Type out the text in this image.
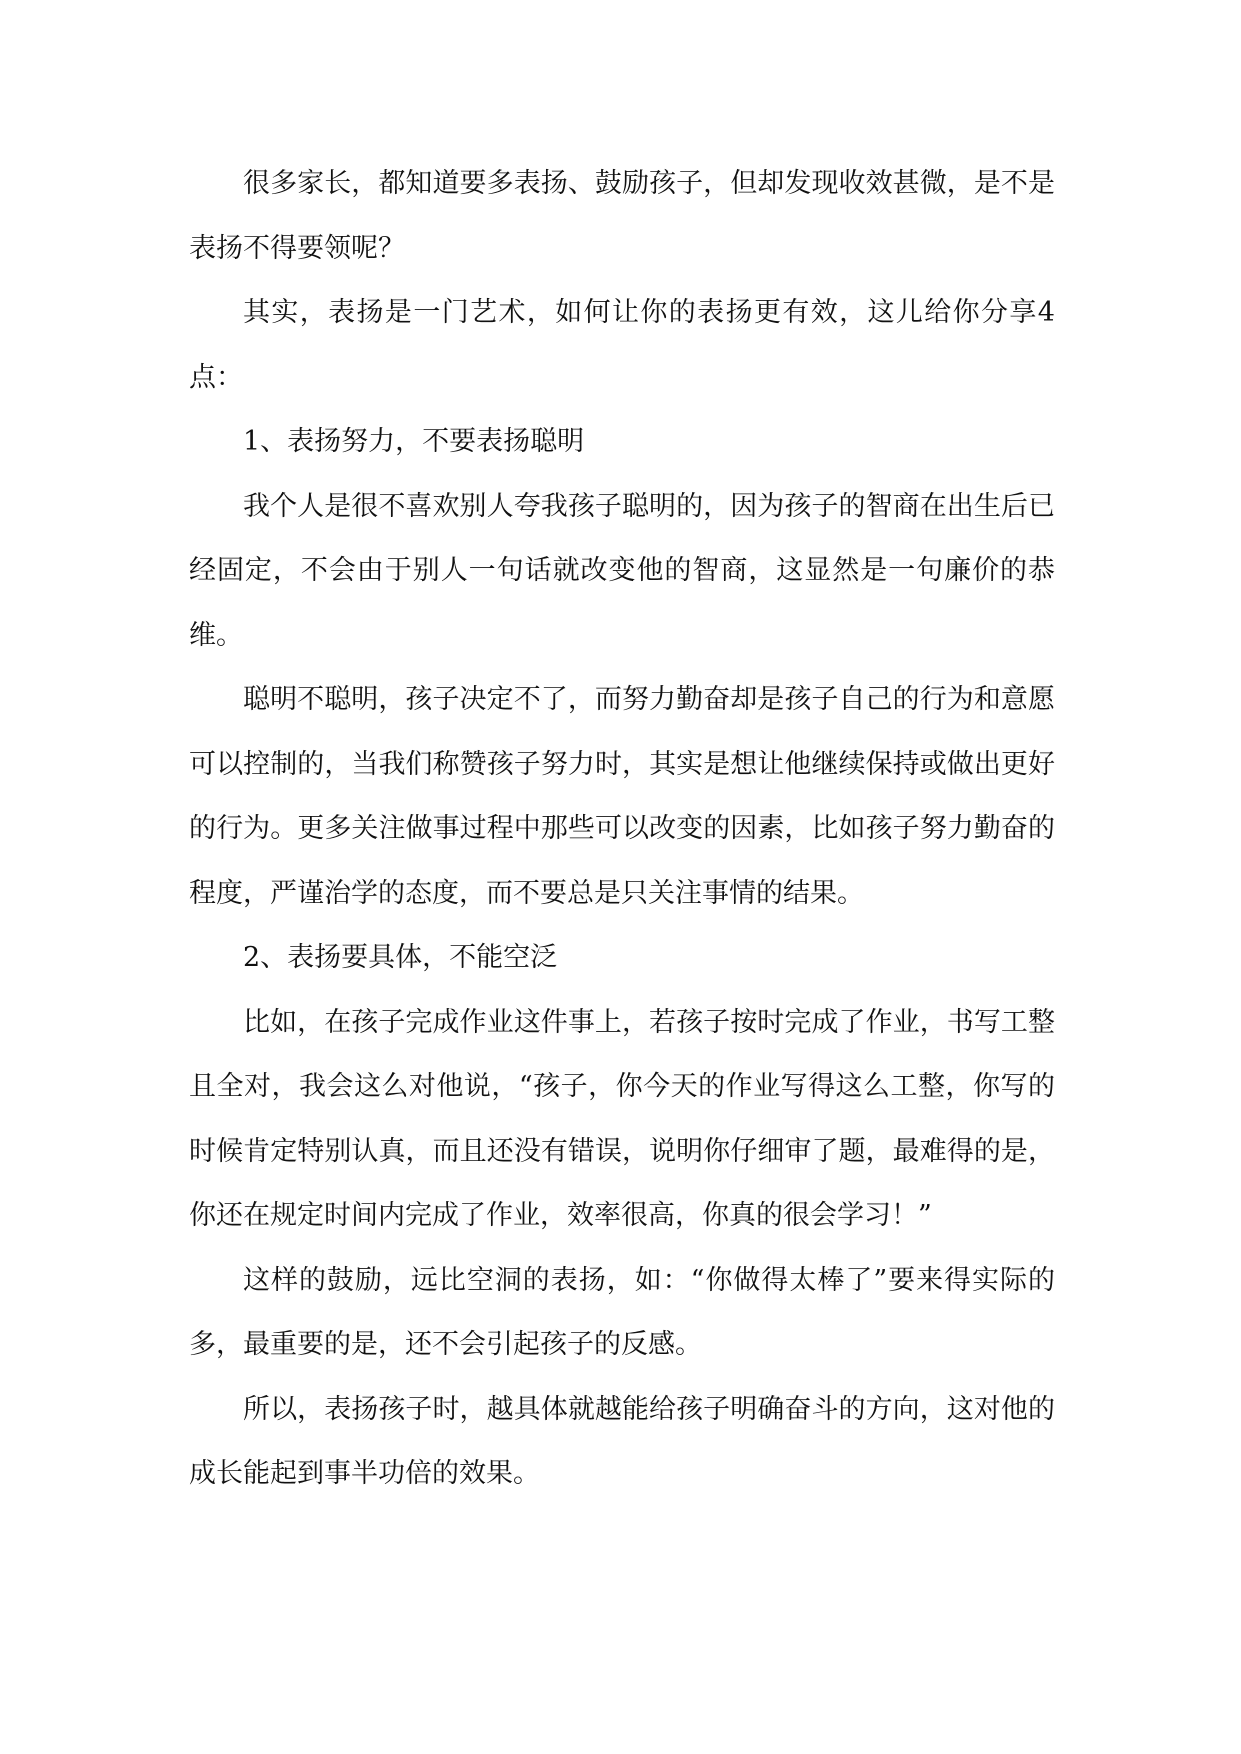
很多家长，都知道要多表扬、鼓励孩子，但却发现收效甚微，是不是表扬不得要领呢？

其实，表扬是一门艺术，如何让你的表扬更有效，这儿给你分享4点：

1、表扬努力，不要表扬聪明

我个人是很不喜欢别人夸我孩子聪明的，因为孩子的智商在出生后已经固定，不会由于别人一句话就改变他的智商，这显然是一句廉价的恭维。

聪明不聪明，孩子决定不了，而努力勤奋却是孩子自己的行为和意愿可以控制的，当我们称赞孩子努力时，其实是想让他继续保持或做出更好的行为。更多关注做事过程中那些可以改变的因素，比如孩子努力勤奋的程度，严谨治学的态度，而不要总是只关注事情的结果。

2、表扬要具体，不能空泛

比如，在孩子完成作业这件事上，若孩子按时完成了作业，书写工整且全对，我会这么对他说，“孩子，你今天的作业写得这么工整，你写的时候肯定特别认真，而且还没有错误，说明你仔细审了题，最难得的是，你还在规定时间内完成了作业，效率很高，你真的很会学习！”

这样的鼓励，远比空洞的表扬，如：“你做得太棒了”要来得实际的多，最重要的是，还不会引起孩子的反感。

所以，表扬孩子时，越具体就越能给孩子明确奋斗的方向，这对他的成长能起到事半功倍的效果。
